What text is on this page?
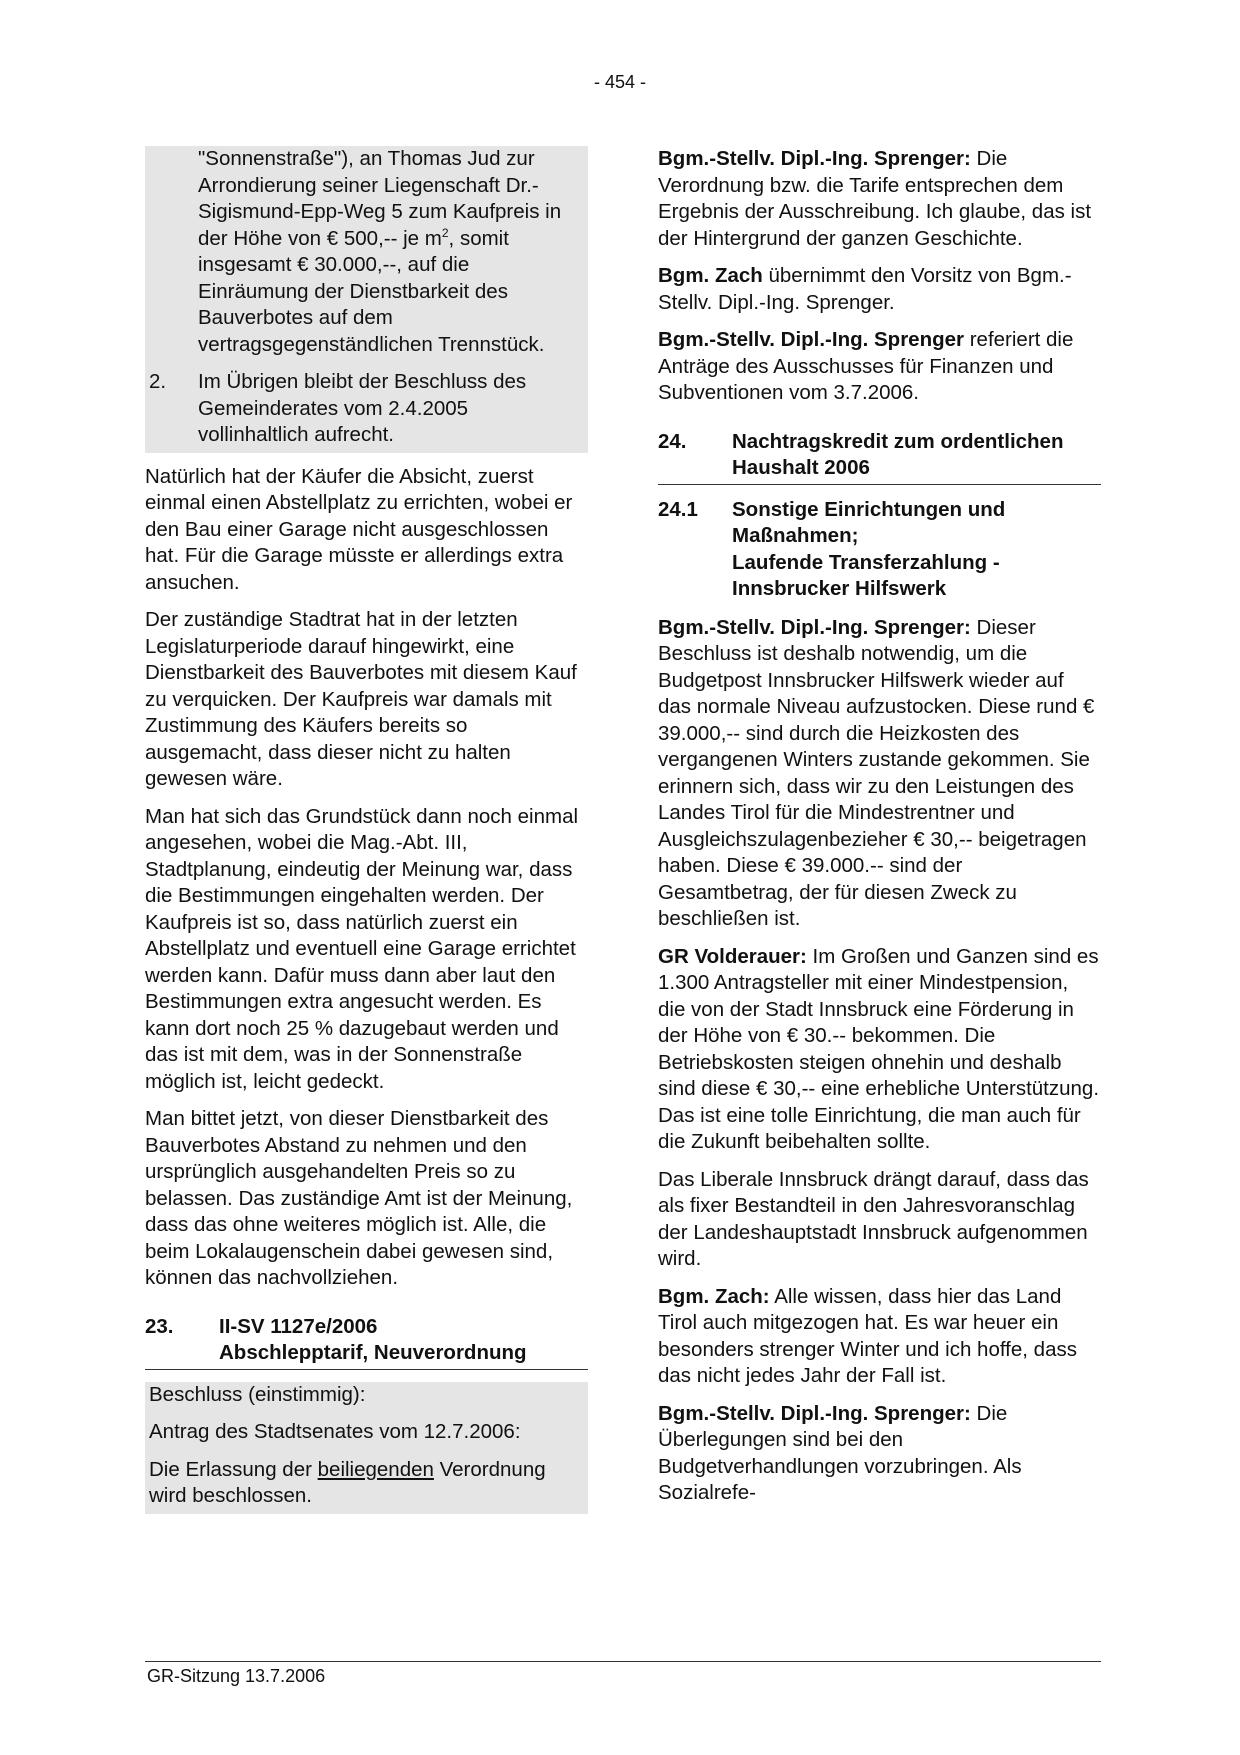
- 454 -

"Sonnenstraße"), an Thomas Jud zur Arrondierung seiner Liegenschaft Dr.-Sigismund-Epp-Weg 5 zum Kaufpreis in der Höhe von € 500,-- je $m^2$, somit insgesamt € 30.000,--, auf die Einräumung der Dienstbarkeit des Bauverbotes auf dem vertragsgegenständlichen Trennstück.

2.	Im Übrigen bleibt der Beschluss des Gemeinderates vom 2.4.2005 vollinhaltlich aufrecht.

Natürlich hat der Käufer die Absicht, zuerst einmal einen Abstellplatz zu errichten, wobei er den Bau einer Garage nicht ausgeschlossen hat. Für die Garage müsste er allerdings extra ansuchen.

Der zuständige Stadtrat hat in der letzten Legislaturperiode darauf hingewirkt, eine Dienstbarkeit des Bauverbotes mit diesem Kauf zu verquicken. Der Kaufpreis war damals mit Zustimmung des Käufers bereits so ausgemacht, dass dieser nicht zu halten gewesen wäre.

Man hat sich das Grundstück dann noch einmal angesehen, wobei die Mag.-Abt. III, Stadtplanung, eindeutig der Meinung war, dass die Bestimmungen eingehalten werden. Der Kaufpreis ist so, dass natürlich zuerst ein Abstellplatz und eventuell eine Garage errichtet werden kann. Dafür muss dann aber laut den Bestimmungen extra angesucht werden. Es kann dort noch 25 % dazugebaut werden und das ist mit dem, was in der Sonnenstraße möglich ist, leicht gedeckt.

Man bittet jetzt, von dieser Dienstbarkeit des Bauverbotes Abstand zu nehmen und den ursprünglich ausgehandelten Preis so zu belassen. Das zuständige Amt ist der Meinung, dass das ohne weiteres möglich ist. Alle, die beim Lokalaugenschein dabei gewesen sind, können das nachvollziehen.

23.	II-SV 1127e/2006
Abschlepptarif, Neuverordnung

Beschluss (einstimmig):

Antrag des Stadtsenates vom 12.7.2006:

Die Erlassung der beiliegenden Verordnung wird beschlossen.

Bgm.-Stellv. Dipl.-Ing. Sprenger: Die Verordnung bzw. die Tarife entsprechen dem Ergebnis der Ausschreibung. Ich glaube, das ist der Hintergrund der ganzen Geschichte.

Bgm. Zach übernimmt den Vorsitz von Bgm.-Stellv. Dipl.-Ing. Sprenger.

Bgm.-Stellv. Dipl.-Ing. Sprenger referiert die Anträge des Ausschusses für Finanzen und Subventionen vom 3.7.2006.

24.	Nachtragskredit zum ordentlichen Haushalt 2006
24.1	Sonstige Einrichtungen und Maßnahmen;
Laufende Transferzahlung - Innsbrucker Hilfswerk

Bgm.-Stellv. Dipl.-Ing. Sprenger: Dieser Beschluss ist deshalb notwendig, um die Budgetpost Innsbrucker Hilfswerk wieder auf das normale Niveau aufzustocken. Diese rund € 39.000,-- sind durch die Heizkosten des vergangenen Winters zustande gekommen. Sie erinnern sich, dass wir zu den Leistungen des Landes Tirol für die Mindestrentner und Ausgleichszulagenbezieher € 30,-- beigetragen haben. Diese € 39.000.-- sind der Gesamtbetrag, der für diesen Zweck zu beschließen ist.

GR Volderauer: Im Großen und Ganzen sind es 1.300 Antragsteller mit einer Mindestpension, die von der Stadt Innsbruck eine Förderung in der Höhe von € 30.-- bekommen. Die Betriebskosten steigen ohnehin und deshalb sind diese € 30,-- eine erhebliche Unterstützung. Das ist eine tolle Einrichtung, die man auch für die Zukunft beibehalten sollte.

Das Liberale Innsbruck drängt darauf, dass das als fixer Bestandteil in den Jahresvoranschlag der Landeshauptstadt Innsbruck aufgenommen wird.

Bgm. Zach: Alle wissen, dass hier das Land Tirol auch mitgezogen hat. Es war heuer ein besonders strenger Winter und ich hoffe, dass das nicht jedes Jahr der Fall ist.

Bgm.-Stellv. Dipl.-Ing. Sprenger: Die Überlegungen sind bei den Budgetverhandlungen vorzubringen. Als Sozialrefe-

GR-Sitzung 13.7.2006
